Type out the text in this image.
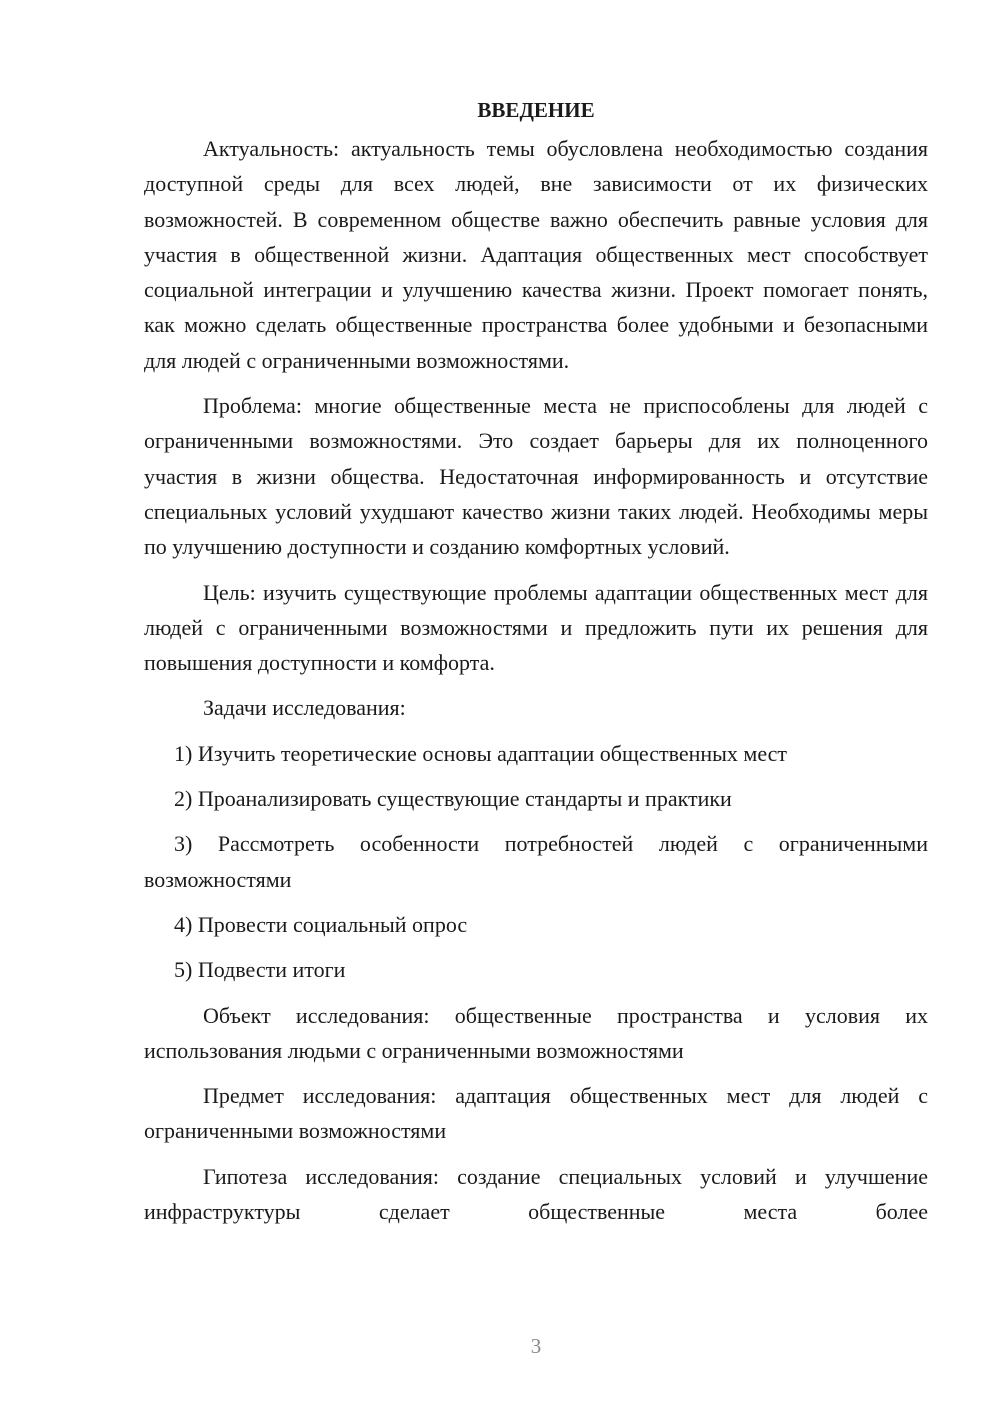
ВВЕДЕНИЕ

Актуальность: актуальность темы обусловлена необходимостью создания доступной среды для всех людей, вне зависимости от их физических возможностей. В современном обществе важно обеспечить равные условия для участия в общественной жизни. Адаптация общественных мест способствует социальной интеграции и улучшению качества жизни. Проект помогает понять, как можно сделать общественные пространства более удобными и безопасными для людей с ограниченными возможностями.

Проблема: многие общественные места не приспособлены для людей с ограниченными возможностями. Это создает барьеры для их полноценного участия в жизни общества. Недостаточная информированность и отсутствие специальных условий ухудшают качество жизни таких людей. Необходимы меры по улучшению доступности и созданию комфортных условий.

Цель: изучить существующие проблемы адаптации общественных мест для людей с ограниченными возможностями и предложить пути их решения для повышения доступности и комфорта.

Задачи исследования:

1) Изучить теоретические основы адаптации общественных мест

2) Проанализировать существующие стандарты и практики

3) Рассмотреть особенности потребностей людей с ограниченными возможностями

4) Провести социальный опрос

5) Подвести итоги

Объект исследования: общественные пространства и условия их использования людьми с ограниченными возможностями

Предмет исследования: адаптация общественных мест для людей с ограниченными возможностями

Гипотеза исследования: создание специальных условий и улучшение инфраструктуры сделает общественные места более

3
